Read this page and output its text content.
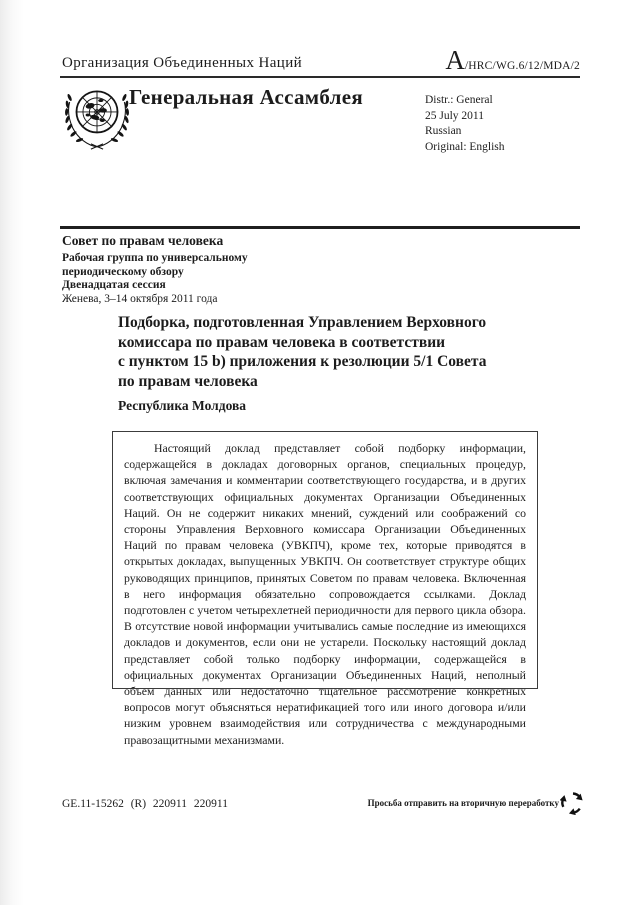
Организация Объединенных Наций	A /HRC/WG.6/12/MDA/2
Генеральная Ассамблея	Distr.: General
25 July 2011
Russian
Original: English
Совет по правам человека
Рабочая группа по универсальному периодическому обзору
Двенадцатая сессия
Женева, 3–14 октября 2011 года
Подборка, подготовленная Управлением Верховного
комиссара по правам человека в соответствии
с пунктом 15 b) приложения к резолюции 5/1 Совета
по правам человека
Республика Молдова
Настоящий доклад представляет собой подборку информации, содержащейся в докладах договорных органов, специальных процедур, включая замечания и комментарии соответствующего государства, и в других соответствующих официальных документах Организации Объединенных Наций. Он не содержит никаких мнений, суждений или соображений со стороны Управления Верховного комиссара Организации Объединенных Наций по правам человека (УВКПЧ), кроме тех, которые приводятся в открытых докладах, выпущенных УВКПЧ. Он соответствует структуре общих руководящих принципов, принятых Советом по правам человека. Включенная в него информация обязательно сопровождается ссылками. Доклад подготовлен с учетом четырехлетней периодичности для первого цикла обзора. В отсутствие новой информации учитывались самые последние из имеющихся докладов и документов, если они не устарели. Поскольку настоящий доклад представляет собой только подборку информации, содержащейся в официальных документах Организации Объединенных Наций, неполный объем данных или недостаточно тщательное рассмотрение конкретных вопросов могут объясняться нератификацией того или иного договора и/или низким уровнем взаимодействия или сотрудничества с международными правозащитными механизмами.
GE.11-15262 (R) 220911 220911	Просьба отправить на вторичную переработку
